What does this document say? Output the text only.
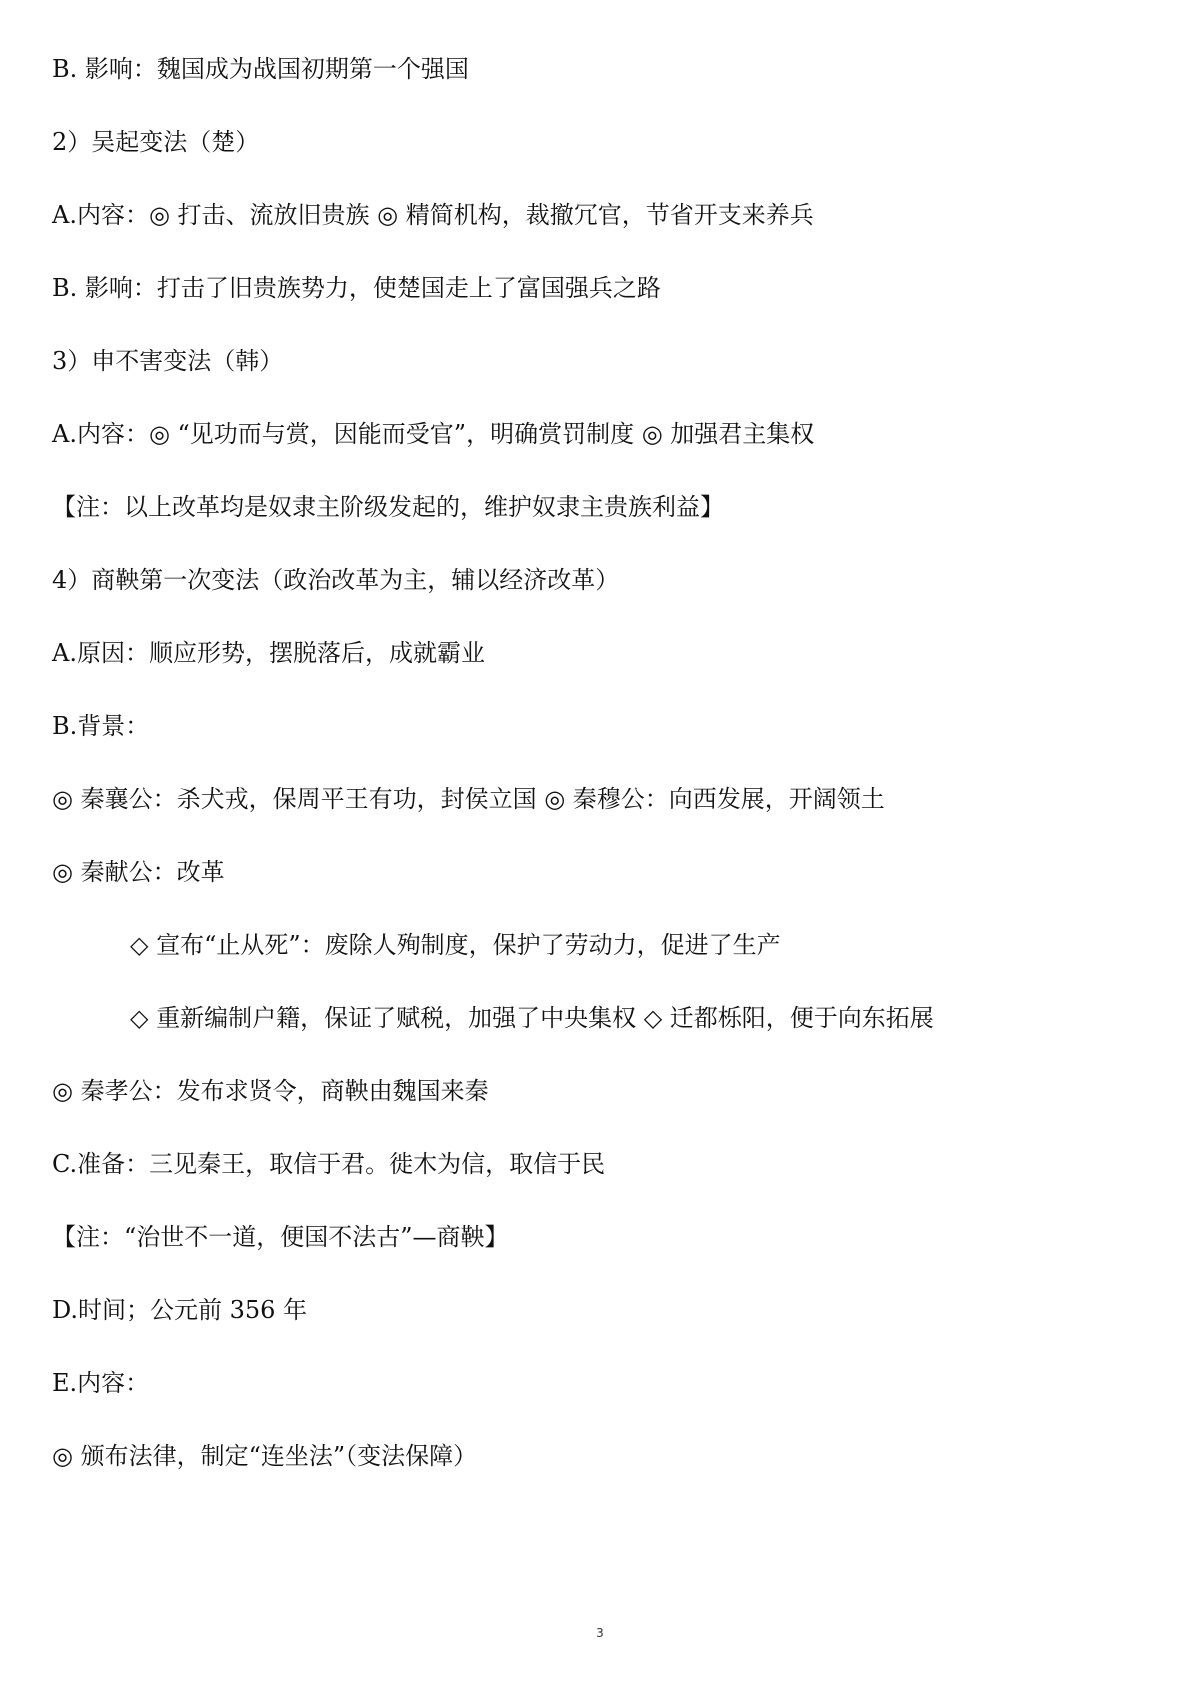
B. 影响：魏国成为战国初期第一个强国
2）吴起变法（楚）
A.内容：◎ 打击、流放旧贵族 ◎ 精简机构，裁撤冗官，节省开支来养兵
B. 影响：打击了旧贵族势力，使楚国走上了富国强兵之路
3）申不害变法（韩）
A.内容：◎ “见功而与赏，因能而受官”，明确赏罚制度 ◎ 加强君主集权
【注：以上改革均是奴隶主阶级发起的，维护奴隶主贵族利益】
4）商鞅第一次变法（政治改革为主，辅以经济改革）
A.原因：顺应形势，摆脱落后，成就霸业
B.背景：
◎ 秦襄公：杀犬戎，保周平王有功，封侯立国 ◎ 秦穆公：向西发展，开阔领土
◎ 秦献公：改革
◇ 宣布“止从死”：废除人殉制度，保护了劳动力，促进了生产
◇ 重新编制户籍，保证了赋税，加强了中央集权 ◇ 迁都栎阳，便于向东拓展
◎ 秦孝公：发布求贤令，商鞅由魏国来秦
C.准备：三见秦王，取信于君。徙木为信，取信于民
【注：“治世不一道，便国不法古”—商鞅】
D.时间；公元前 356 年
E.内容：
◎ 颁布法律，制定“连坐法”（变法保障）
3
